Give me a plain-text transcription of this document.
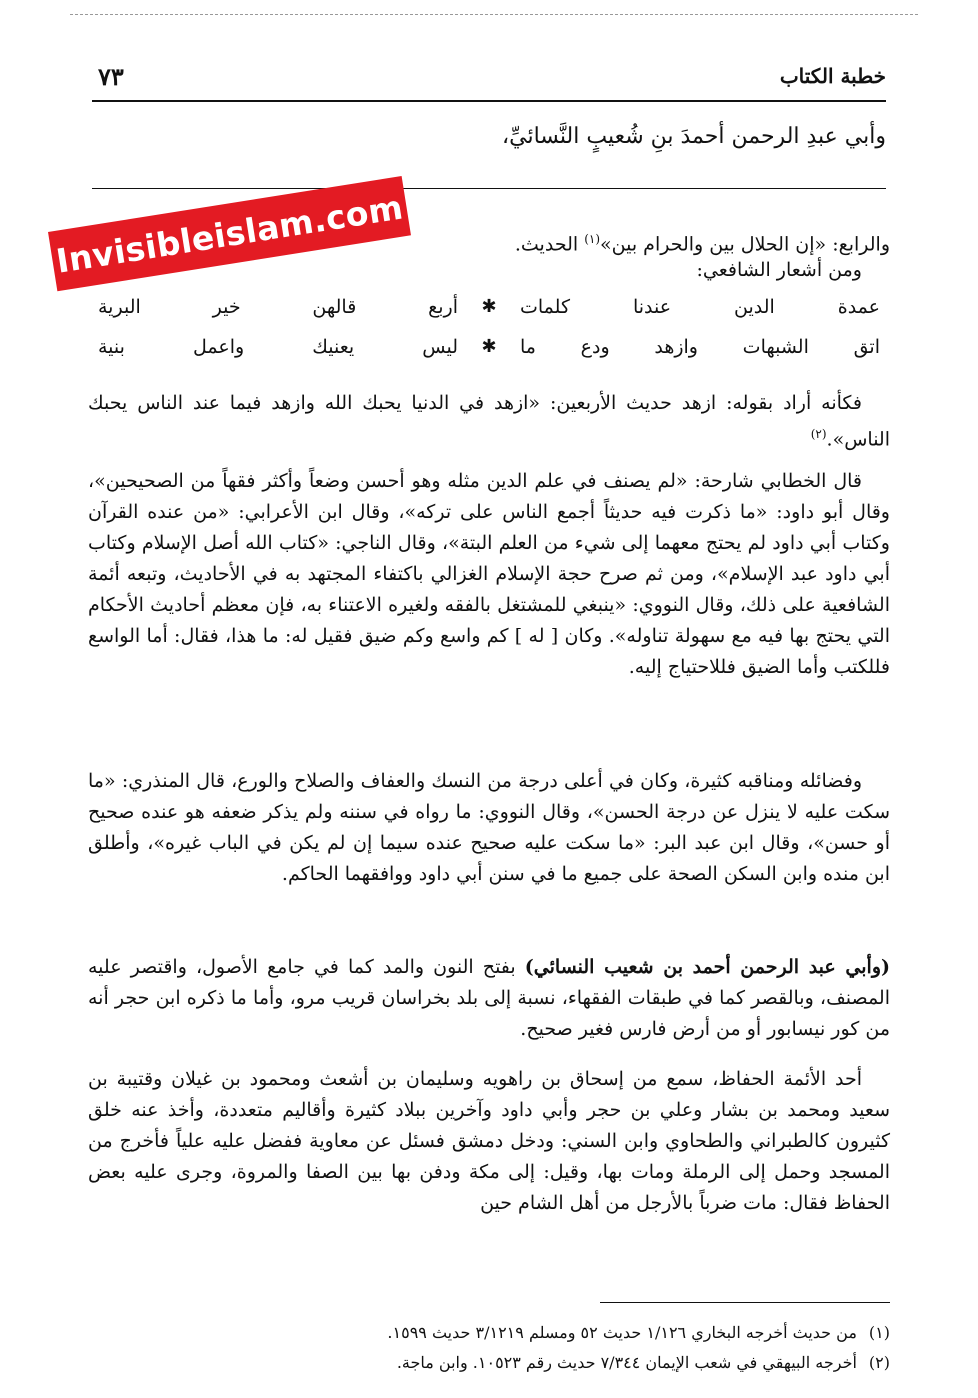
خطبة الكتاب
٧٣
وأبي عبدِ الرحمن أحمدَ بنِ شُعيبٍ النَّسائيِّ،
والرابع: «إن الحلال بين والحرام بين»$^{(١)}$ الحديث.
ومن أشعار الشافعي:
عمدة الدين عندنا كلمات
✱
أربع قالهن خير البرية
اتق الشبهات وازهد ودع ما
✱
ليس يعنيك واعمل بنية
فكأنه أراد بقوله: ازهد حديث الأربعين: «ازهد في الدنيا يحبك الله وازهد فيما عند الناس يحبك الناس».$^{(٢)}$
قال الخطابي شارحة: «لم يصنف في علم الدين مثله وهو أحسن وضعاً وأكثر فقهاً من الصحيحين»، وقال أبو داود: «ما ذكرت فيه حديثاً أجمع الناس على تركه»، وقال ابن الأعرابي: «من عنده القرآن وكتاب أبي داود لم يحتج معهما إلى شيء من العلم البتة»، وقال الناجي: «كتاب الله أصل الإسلام وكتاب أبي داود عبد الإسلام»، ومن ثم صرح حجة الإسلام الغزالي باكتفاء المجتهد به في الأحاديث، وتبعه أئمة الشافعية على ذلك، وقال النووي: «ينبغي للمشتغل بالفقه ولغيره الاعتناء به، فإن معظم أحاديث الأحكام التي يحتج بها فيه مع سهولة تناوله». وكان [ له ] كم واسع وكم ضيق فقيل له: ما هذا، فقال: أما الواسع فللكتب وأما الضيق فللاحتياج إليه.
وفضائله ومناقبه كثيرة، وكان في أعلى درجة من النسك والعفاف والصلاح والورع، قال المنذري: «ما سكت عليه لا ينزل عن درجة الحسن»، وقال النووي: ما رواه في سننه ولم يذكر ضعفه هو عنده صحيح أو حسن»، وقال ابن عبد البر: «ما سكت عليه صحيح عنده سيما إن لم يكن في الباب غيره»، وأطلق ابن منده وابن السكن الصحة على جميع ما في سنن أبي داود ووافقهما الحاكم.
(وأبي عبد الرحمن أحمد بن شعيب النسائي) بفتح النون والمد كما في جامع الأصول، واقتصر عليه المصنف، وبالقصر كما في طبقات الفقهاء، نسبة إلى بلد بخراسان قريب مرو، وأما ما ذكره ابن حجر أنه من كور نيسابور أو من أرض فارس فغير صحيح.
أحد الأئمة الحفاظ، سمع من إسحاق بن راهويه وسليمان بن أشعث ومحمود بن غيلان وقتيبة بن سعيد ومحمد بن بشار وعلي بن حجر وأبي داود وآخرين ببلاد كثيرة وأقاليم متعددة، وأخذ عنه خلق كثيرون كالطبراني والطحاوي وابن السني: ودخل دمشق فسئل عن معاوية ففضل عليه علياً فأخرج من المسجد وحمل إلى الرملة ومات بها، وقيل: إلى مكة ودفن بها بين الصفا والمروة، وجرى عليه بعض الحفاظ فقال: مات ضرباً بالأرجل من أهل الشام حين
(١)من حديث أخرجه البخاري ١/١٢٦ حديث ٥٢ ومسلم ٣/١٢١٩ حديث ١٥٩٩.
(٢)أخرجه البيهقي في شعب الإيمان ٧/٣٤٤ حديث رقم ١٠٥٢٣. وابن ماجة.
Invisibleislam.com
